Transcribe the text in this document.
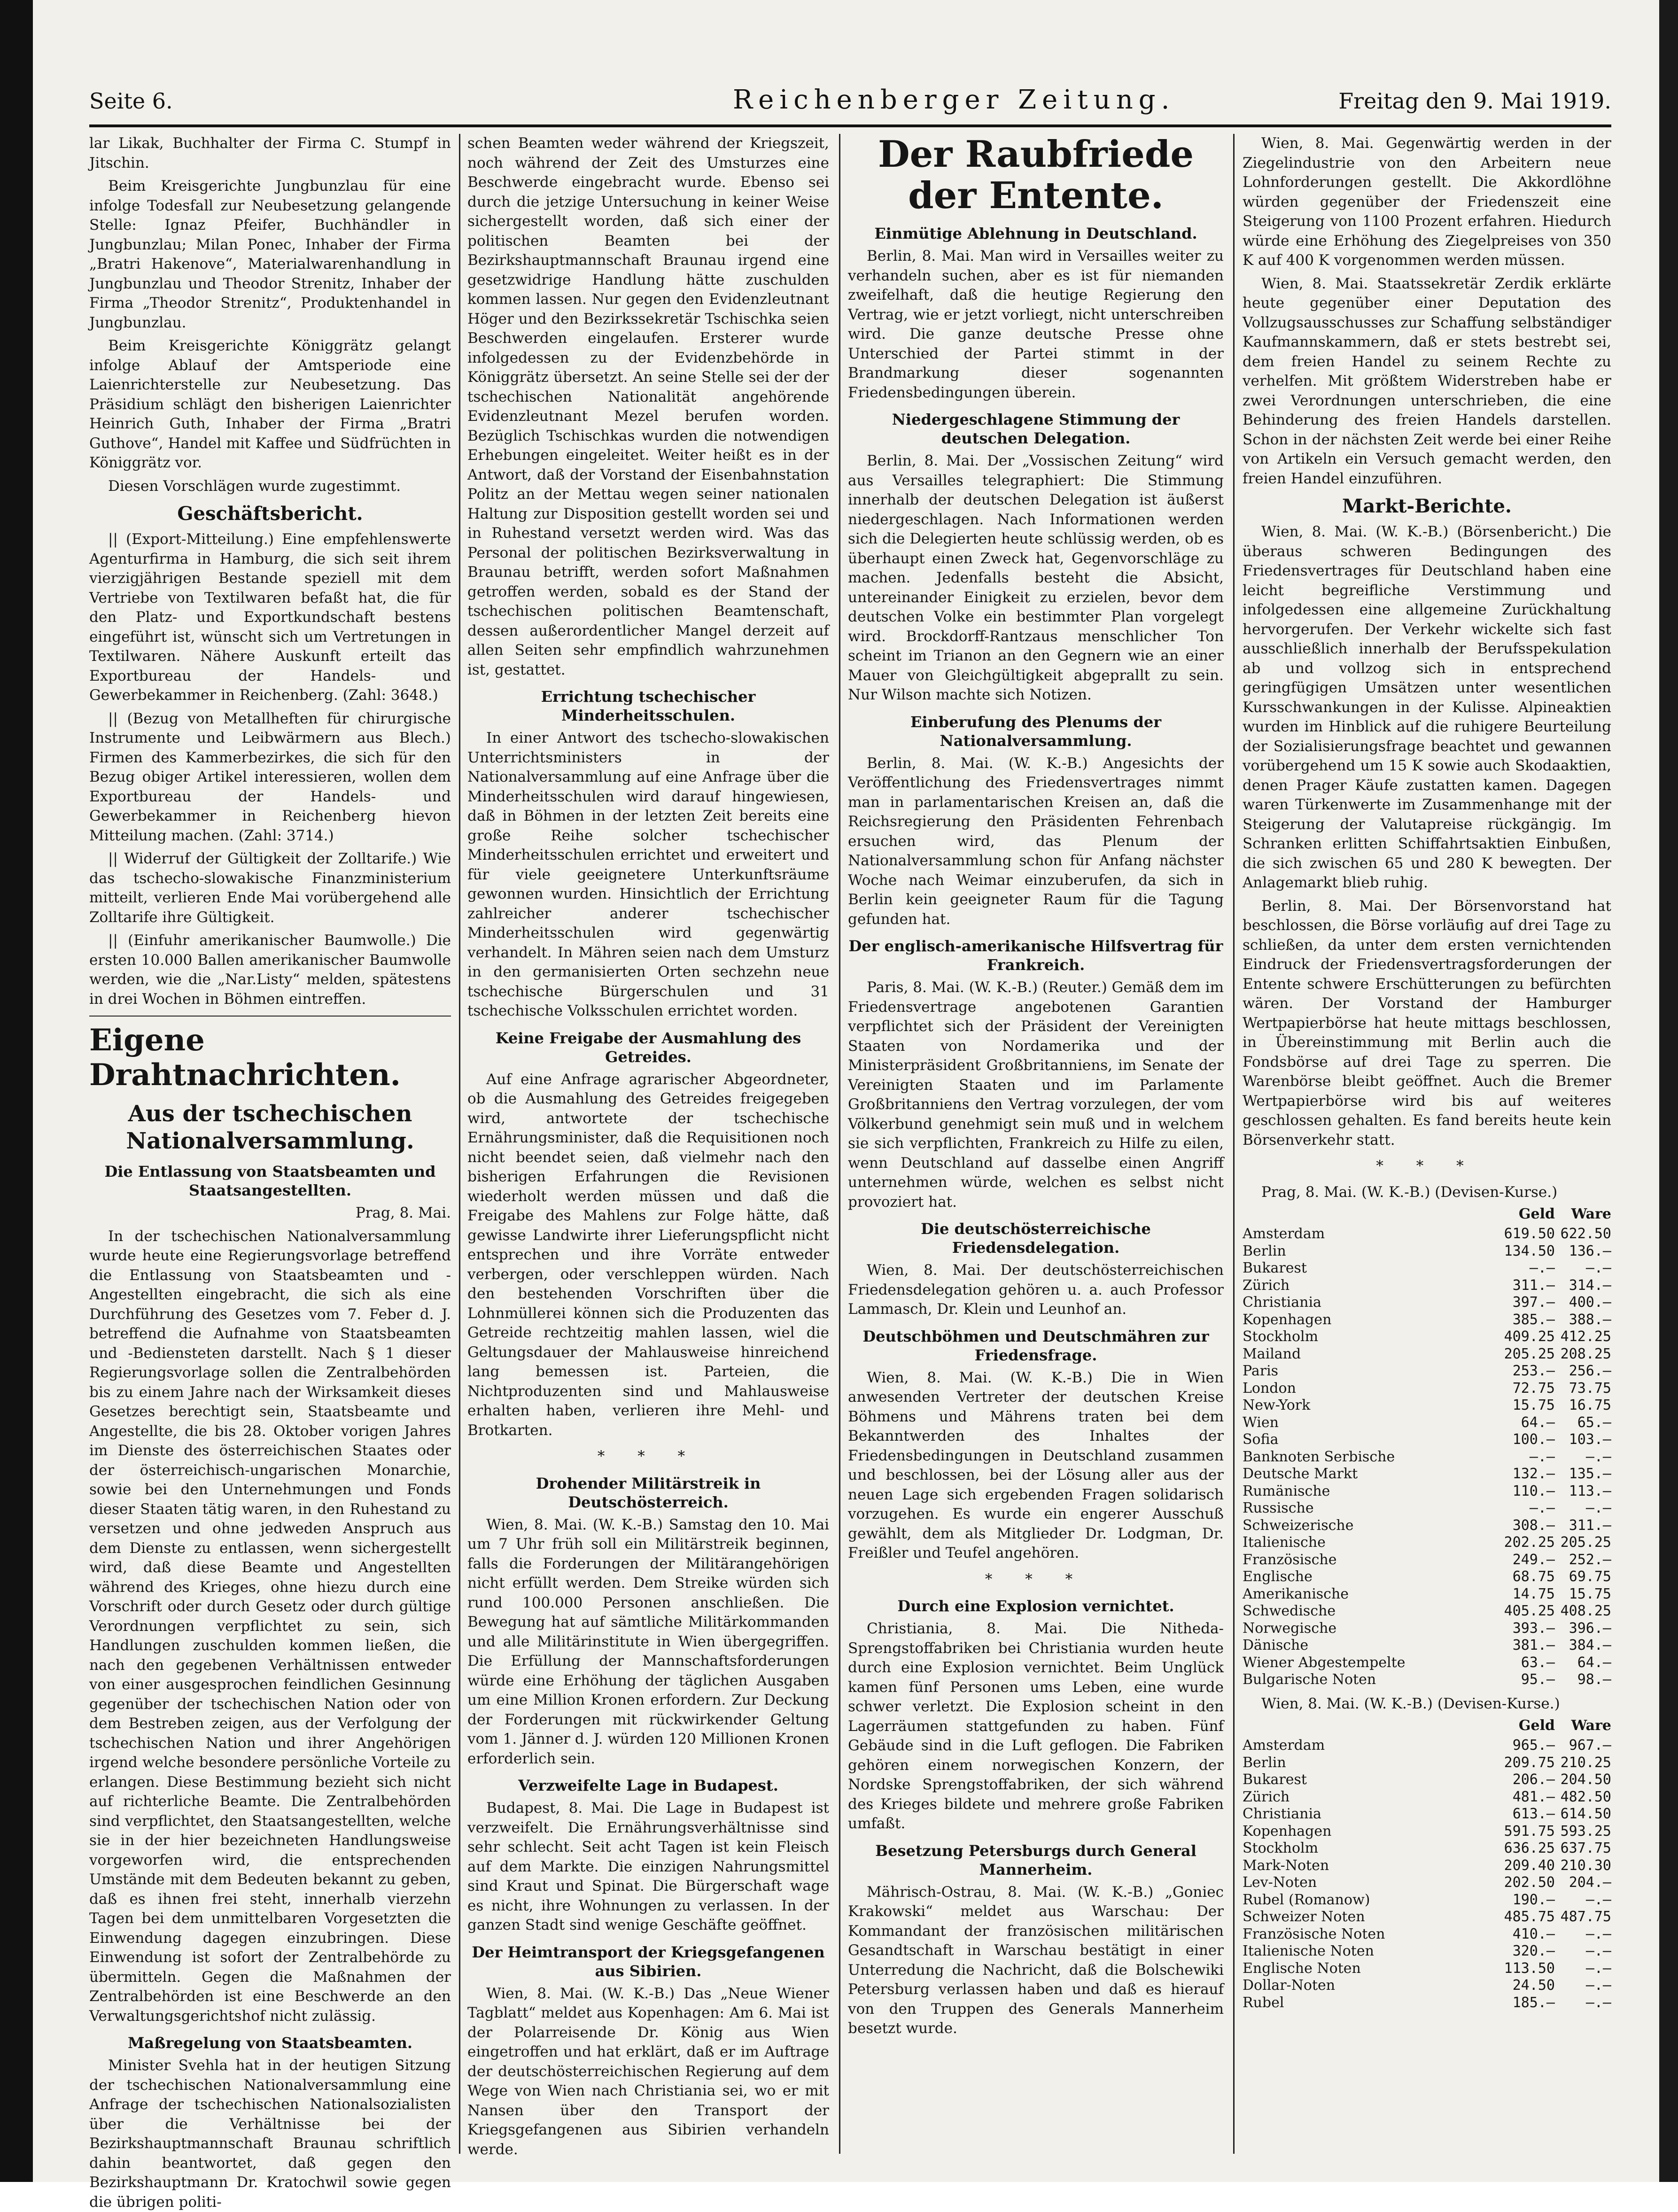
Seite 6.	Reichenberger Zeitung.	Freitag den 9. Mai 1919.

lar Likak, Buchhalter der Firma C. Stumpf in Jitschin.

Beim Kreisgerichte Jungbunzlau für eine infolge Todesfall zur Neubesetzung gelangende Stelle: Ignaz Pfeifer, Buchhändler in Jungbunzlau; Milan Ponec, Inhaber der Firma „Bratri Hakenove“, Materialwarenhandlung in Jungbunzlau und Theodor Strenitz, Inhaber der Firma „Theodor Strenitz“, Produktenhandel in Jungbunzlau.

Beim Kreisgerichte Königgrätz gelangt infolge Ablauf der Amtsperiode eine Laienrichterstelle zur Neubesetzung. Das Präsidium schlägt den bisherigen Laienrichter Heinrich Guth, Inhaber der Firma „Bratri Guthove“, Handel mit Kaffee und Südfrüchten in Königgrätz vor.

Diesen Vorschlägen wurde zugestimmt.

Geschäftsbericht.

|| (Export-Mitteilung.) Eine empfehlenswerte Agenturfirma in Hamburg, die sich seit ihrem vierzigjährigen Bestande speziell mit dem Vertriebe von Textilwaren befaßt hat, die für den Platz- und Exportkundschaft bestens eingeführt ist, wünscht sich um Vertretungen in Textilwaren. Nähere Auskunft erteilt das Exportbureau der Handels- und Gewerbekammer in Reichenberg. (Zahl: 3648.)

|| (Bezug von Metallheften für chirurgische Instrumente und Leibwärmern aus Blech.) Firmen des Kammerbezirkes, die sich für den Bezug obiger Artikel interessieren, wollen dem Exportbureau der Handels- und Gewerbekammer in Reichenberg hievon Mitteilung machen. (Zahl: 3714.)

|| Widerruf der Gültigkeit der Zolltarife.) Wie das tschecho-slowakische Finanzministerium mitteilt, verlieren Ende Mai vorübergehend alle Zolltarife ihre Gültigkeit.

|| (Einfuhr amerikanischer Baumwolle.) Die ersten 10.000 Ballen amerikanischer Baumwolle werden, wie die „Nar.Listy“ melden, spätestens in drei Wochen in Böhmen eintreffen.

Eigene Drahtnachrichten.
Aus der tschechischen Nationalversammlung.
Die Entlassung von Staatsbeamten und Staatsangestellten.

Prag, 8. Mai.

In der tschechischen Nationalversammlung wurde heute eine Regierungsvorlage betreffend die Entlassung von Staatsbeamten und -Angestellten eingebracht, die sich als eine Durchführung des Gesetzes vom 7. Feber d. J. betreffend die Aufnahme von Staatsbeamten und -Bediensteten darstellt. Nach § 1 dieser Regierungsvorlage sollen die Zentralbehörden bis zu einem Jahre nach der Wirksamkeit dieses Gesetzes berechtigt sein, Staatsbeamte und Angestellte, die bis 28. Oktober vorigen Jahres im Dienste des österreichischen Staates oder der österreichisch-ungarischen Monarchie, sowie bei den Unternehmungen und Fonds dieser Staaten tätig waren, in den Ruhestand zu versetzen und ohne jedweden Anspruch aus dem Dienste zu entlassen, wenn sichergestellt wird, daß diese Beamte und Angestellten während des Krieges, ohne hiezu durch eine Vorschrift oder durch Gesetz oder durch gültige Verordnungen verpflichtet zu sein, sich Handlungen zuschulden kommen ließen, die nach den gegebenen Verhältnissen entweder von einer ausgesprochen feindlichen Gesinnung gegenüber der tschechischen Nation oder von dem Bestreben zeigen, aus der Verfolgung der tschechischen Nation und ihrer Angehörigen irgend welche besondere persönliche Vorteile zu erlangen. Diese Bestimmung bezieht sich nicht auf richterliche Beamte. Die Zentralbehörden sind verpflichtet, den Staatsangestellten, welche sie in der hier bezeichneten Handlungsweise vorgeworfen wird, die entsprechenden Umstände mit dem Bedeuten bekannt zu geben, daß es ihnen frei steht, innerhalb vierzehn Tagen bei dem unmittelbaren Vorgesetzten die Einwendung dagegen einzubringen. Diese Einwendung ist sofort der Zentralbehörde zu übermitteln. Gegen die Maßnahmen der Zentralbehörden ist eine Beschwerde an den Verwaltungsgerichtshof nicht zulässig.

Maßregelung von Staatsbeamten.

Minister Svehla hat in der heutigen Sitzung der tschechischen Nationalversammlung eine Anfrage der tschechischen Nationalsozialisten über die Verhältnisse bei der Bezirkshauptmannschaft Braunau schriftlich dahin beantwortet, daß gegen den Bezirkshauptmann Dr. Kratochwil sowie gegen die übrigen politi-

schen Beamten weder während der Kriegszeit, noch während der Zeit des Umsturzes eine Beschwerde eingebracht wurde. Ebenso sei durch die jetzige Untersuchung in keiner Weise sichergestellt worden, daß sich einer der politischen Beamten bei der Bezirkshauptmannschaft Braunau irgend eine gesetzwidrige Handlung hätte zuschulden kommen lassen. Nur gegen den Evidenzleutnant Höger und den Bezirkssekretär Tschischka seien Beschwerden eingelaufen. Ersterer wurde infolgedessen zu der Evidenzbehörde in Königgrätz übersetzt. An seine Stelle sei der der tschechischen Nationalität angehörende Evidenzleutnant Mezel berufen worden. Bezüglich Tschischkas wurden die notwendigen Erhebungen eingeleitet. Weiter heißt es in der Antwort, daß der Vorstand der Eisenbahnstation Politz an der Mettau wegen seiner nationalen Haltung zur Disposition gestellt worden sei und in Ruhestand versetzt werden wird. Was das Personal der politischen Bezirksverwaltung in Braunau betrifft, werden sofort Maßnahmen getroffen werden, sobald es der Stand der tschechischen politischen Beamtenschaft, dessen außerordentlicher Mangel derzeit auf allen Seiten sehr empfindlich wahrzunehmen ist, gestattet.

Errichtung tschechischer Minderheitsschulen.

In einer Antwort des tschecho-slowakischen Unterrichtsministers in der Nationalversammlung auf eine Anfrage über die Minderheitsschulen wird darauf hingewiesen, daß in Böhmen in der letzten Zeit bereits eine große Reihe solcher tschechischer Minderheitsschulen errichtet und erweitert und für viele geeignetere Unterkunftsräume gewonnen wurden. Hinsichtlich der Errichtung zahlreicher anderer tschechischer Minderheitsschulen wird gegenwärtig verhandelt. In Mähren seien nach dem Umsturz in den germanisierten Orten sechzehn neue tschechische Bürgerschulen und 31 tschechische Volksschulen errichtet worden.

Keine Freigabe der Ausmahlung des Getreides.

Auf eine Anfrage agrarischer Abgeordneter, ob die Ausmahlung des Getreides freigegeben wird, antwortete der tschechische Ernährungsminister, daß die Requisitionen noch nicht beendet seien, daß vielmehr nach den bisherigen Erfahrungen die Revisionen wiederholt werden müssen und daß die Freigabe des Mahlens zur Folge hätte, daß gewisse Landwirte ihrer Lieferungspflicht nicht entsprechen und ihre Vorräte entweder verbergen, oder verschleppen würden. Nach den bestehenden Vorschriften über die Lohnmüllerei können sich die Produzenten das Getreide rechtzeitig mahlen lassen, wiel die Geltungsdauer der Mahlausweise hinreichend lang bemessen ist. Parteien, die Nichtproduzenten sind und Mahlausweise erhalten haben, verlieren ihre Mehl- und Brotkarten.

* * *
Drohender Militärstreik in Deutschösterreich.

Wien, 8. Mai. (W. K.-B.) Samstag den 10. Mai um 7 Uhr früh soll ein Militärstreik beginnen, falls die Forderungen der Militärangehörigen nicht erfüllt werden. Dem Streike würden sich rund 100.000 Personen anschließen. Die Bewegung hat auf sämtliche Militärkommanden und alle Militärinstitute in Wien übergegriffen. Die Erfüllung der Mannschaftsforderungen würde eine Erhöhung der täglichen Ausgaben um eine Million Kronen erfordern. Zur Deckung der Forderungen mit rückwirkender Geltung vom 1. Jänner d. J. würden 120 Millionen Kronen erforderlich sein.

Verzweifelte Lage in Budapest.

Budapest, 8. Mai. Die Lage in Budapest ist verzweifelt. Die Ernährungsverhältnisse sind sehr schlecht. Seit acht Tagen ist kein Fleisch auf dem Markte. Die einzigen Nahrungsmittel sind Kraut und Spinat. Die Bürgerschaft wage es nicht, ihre Wohnungen zu verlassen. In der ganzen Stadt sind wenige Geschäfte geöffnet.

Der Heimtransport der Kriegsgefangenen aus Sibirien.

Wien, 8. Mai. (W. K.-B.) Das „Neue Wiener Tagblatt“ meldet aus Kopenhagen: Am 6. Mai ist der Polarreisende Dr. König aus Wien eingetroffen und hat erklärt, daß er im Auftrage der deutschösterreichischen Regierung auf dem Wege von Wien nach Christiania sei, wo er mit Nansen über den Transport der Kriegsgefangenen aus Sibirien verhandeln werde.

Der Raubfriede der Entente.
Einmütige Ablehnung in Deutschland.

Berlin, 8. Mai. Man wird in Versailles weiter zu verhandeln suchen, aber es ist für niemanden zweifelhaft, daß die heutige Regierung den Vertrag, wie er jetzt vorliegt, nicht unterschreiben wird. Die ganze deutsche Presse ohne Unterschied der Partei stimmt in der Brandmarkung dieser sogenannten Friedensbedingungen überein.

Niedergeschlagene Stimmung der deutschen Delegation.

Berlin, 8. Mai. Der „Vossischen Zeitung“ wird aus Versailles telegraphiert: Die Stimmung innerhalb der deutschen Delegation ist äußerst niedergeschlagen. Nach Informationen werden sich die Delegierten heute schlüssig werden, ob es überhaupt einen Zweck hat, Gegenvorschläge zu machen. Jedenfalls besteht die Absicht, untereinander Einigkeit zu erzielen, bevor dem deutschen Volke ein bestimmter Plan vorgelegt wird. Brockdorff-Rantzaus menschlicher Ton scheint im Trianon an den Gegnern wie an einer Mauer von Gleichgültigkeit abgeprallt zu sein. Nur Wilson machte sich Notizen.

Einberufung des Plenums der Nationalversammlung.

Berlin, 8. Mai. (W. K.-B.) Angesichts der Veröffentlichung des Friedensvertrages nimmt man in parlamentarischen Kreisen an, daß die Reichsregierung den Präsidenten Fehrenbach ersuchen wird, das Plenum der Nationalversammlung schon für Anfang nächster Woche nach Weimar einzuberufen, da sich in Berlin kein geeigneter Raum für die Tagung gefunden hat.

Der englisch-amerikanische Hilfsvertrag für Frankreich.

Paris, 8. Mai. (W. K.-B.) (Reuter.) Gemäß dem im Friedensvertrage angebotenen Garantien verpflichtet sich der Präsident der Vereinigten Staaten von Nordamerika und der Ministerpräsident Großbritanniens, im Senate der Vereinigten Staaten und im Parlamente Großbritanniens den Vertrag vorzulegen, der vom Völkerbund genehmigt sein muß und in welchem sie sich verpflichten, Frankreich zu Hilfe zu eilen, wenn Deutschland auf dasselbe einen Angriff unternehmen würde, welchen es selbst nicht provoziert hat.

Die deutschösterreichische Friedensdelegation.

Wien, 8. Mai. Der deutschösterreichischen Friedensdelegation gehören u. a. auch Professor Lammasch, Dr. Klein und Leunhof an.

Deutschböhmen und Deutschmähren zur Friedensfrage.

Wien, 8. Mai. (W. K.-B.) Die in Wien anwesenden Vertreter der deutschen Kreise Böhmens und Mährens traten bei dem Bekanntwerden des Inhaltes der Friedensbedingungen in Deutschland zusammen und beschlossen, bei der Lösung aller aus der neuen Lage sich ergebenden Fragen solidarisch vorzugehen. Es wurde ein engerer Ausschuß gewählt, dem als Mitglieder Dr. Lodgman, Dr. Freißler und Teufel angehören.

* * *
Durch eine Explosion vernichtet.

Christiania, 8. Mai. Die Nitheda-Sprengstoffabriken bei Christiania wurden heute durch eine Explosion vernichtet. Beim Unglück kamen fünf Personen ums Leben, eine wurde schwer verletzt. Die Explosion scheint in den Lagerräumen stattgefunden zu haben. Fünf Gebäude sind in die Luft geflogen. Die Fabriken gehören einem norwegischen Konzern, der Nordske Sprengstoffabriken, der sich während des Krieges bildete und mehrere große Fabriken umfaßt.

Besetzung Petersburgs durch General Mannerheim.

Mährisch-Ostrau, 8. Mai. (W. K.-B.) „Goniec Krakowski“ meldet aus Warschau: Der Kommandant der französischen militärischen Gesandtschaft in Warschau bestätigt in einer Unterredung die Nachricht, daß die Bolschewiki Petersburg verlassen haben und daß es hierauf von den Truppen des Generals Mannerheim besetzt wurde.

Wien, 8. Mai. Gegenwärtig werden in der Ziegelindustrie von den Arbeitern neue Lohnforderungen gestellt. Die Akkordlöhne würden gegenüber der Friedenszeit eine Steigerung von 1100 Prozent erfahren. Hiedurch würde eine Erhöhung des Ziegelpreises von 350 K auf 400 K vorgenommen werden müssen.

Wien, 8. Mai. Staatssekretär Zerdik erklärte heute gegenüber einer Deputation des Vollzugsausschusses zur Schaffung selbständiger Kaufmannskammern, daß er stets bestrebt sei, dem freien Handel zu seinem Rechte zu verhelfen. Mit größtem Widerstreben habe er zwei Verordnungen unterschrieben, die eine Behinderung des freien Handels darstellen. Schon in der nächsten Zeit werde bei einer Reihe von Artikeln ein Versuch gemacht werden, den freien Handel einzuführen.

Markt-Berichte.

Wien, 8. Mai. (W. K.-B.) (Börsenbericht.) Die überaus schweren Bedingungen des Friedensvertrages für Deutschland haben eine leicht begreifliche Verstimmung und infolgedessen eine allgemeine Zurückhaltung hervorgerufen. Der Verkehr wickelte sich fast ausschließlich innerhalb der Berufsspekulation ab und vollzog sich in entsprechend geringfügigen Umsätzen unter wesentlichen Kursschwankungen in der Kulisse. Alpineaktien wurden im Hinblick auf die ruhigere Beurteilung der Sozialisierungsfrage beachtet und gewannen vorübergehend um 15 K sowie auch Skodaaktien, denen Prager Käufe zustatten kamen. Dagegen waren Türkenwerte im Zusammenhange mit der Steigerung der Valutapreise rückgängig. Im Schranken erlitten Schiffahrtsaktien Einbußen, die sich zwischen 65 und 280 K bewegten. Der Anlagemarkt blieb ruhig.

Berlin, 8. Mai. Der Börsenvorstand hat beschlossen, die Börse vorläufig auf drei Tage zu schließen, da unter dem ersten vernichtenden Eindruck der Friedensvertragsforderungen der Entente schwere Erschütterungen zu befürchten wären. Der Vorstand der Hamburger Wertpapierbörse hat heute mittags beschlossen, in Übereinstimmung mit Berlin auch die Fondsbörse auf drei Tage zu sperren. Die Warenbörse bleibt geöffnet. Auch die Bremer Wertpapierbörse wird bis auf weiteres geschlossen gehalten. Es fand bereits heute kein Börsenverkehr statt.

* * *

Prag, 8. Mai. (W. K.-B.) (Devisen-Kurse.)

Geld	Ware
Amsterdam	619.50 622.50
Berlin	134.50 136.—
Bukarest	—.—	—.—
Zürich	311.— 314.—
Christiania	397.— 400.—
Kopenhagen	385.— 388.—
Stockholm	409.25 412.25
Mailand	205.25 208.25
Paris	253.— 256.—
London	72.75 73.75
New-York	15.75 16.75
Wien	64.—	65.—
Sofia	100.— 103.—
Banknoten Serbische	—.—	—.—
Deutsche Markt	132.— 135.—
Rumänische	110.— 113.—
Russische	—.—	—.—
Schweizerische	308.— 311.—
Italienische	202.25 205.25
Französische	249.— 252.—
Englische	68.75 69.75
Amerikanische	14.75 15.75
Schwedische	405.25 408.25
Norwegische	393.— 396.—
Dänische	381.— 384.—
Wiener Abgestempelte	63.—	64.—
Bulgarische Noten	95.—	98.—

Wien, 8. Mai. (W. K.-B.) (Devisen-Kurse.)

Geld	Ware
Amsterdam	965.— 967.—
Berlin	209.75 210.25
Bukarest	206.— 204.50
Zürich	481.— 482.50
Christiania	613.— 614.50
Kopenhagen	591.75 593.25
Stockholm	636.25 637.75
Mark-Noten	209.40 210.30
Lev-Noten	202.50 204.—
Rubel (Romanow)	190.—	—.—
Schweizer Noten	485.75 487.75
Französische Noten	410.—	—.—
Italienische Noten	320.—	—.—
Englische Noten	113.50	—.—
Dollar-Noten	24.50	—.—
Rubel	185.—	—.—
